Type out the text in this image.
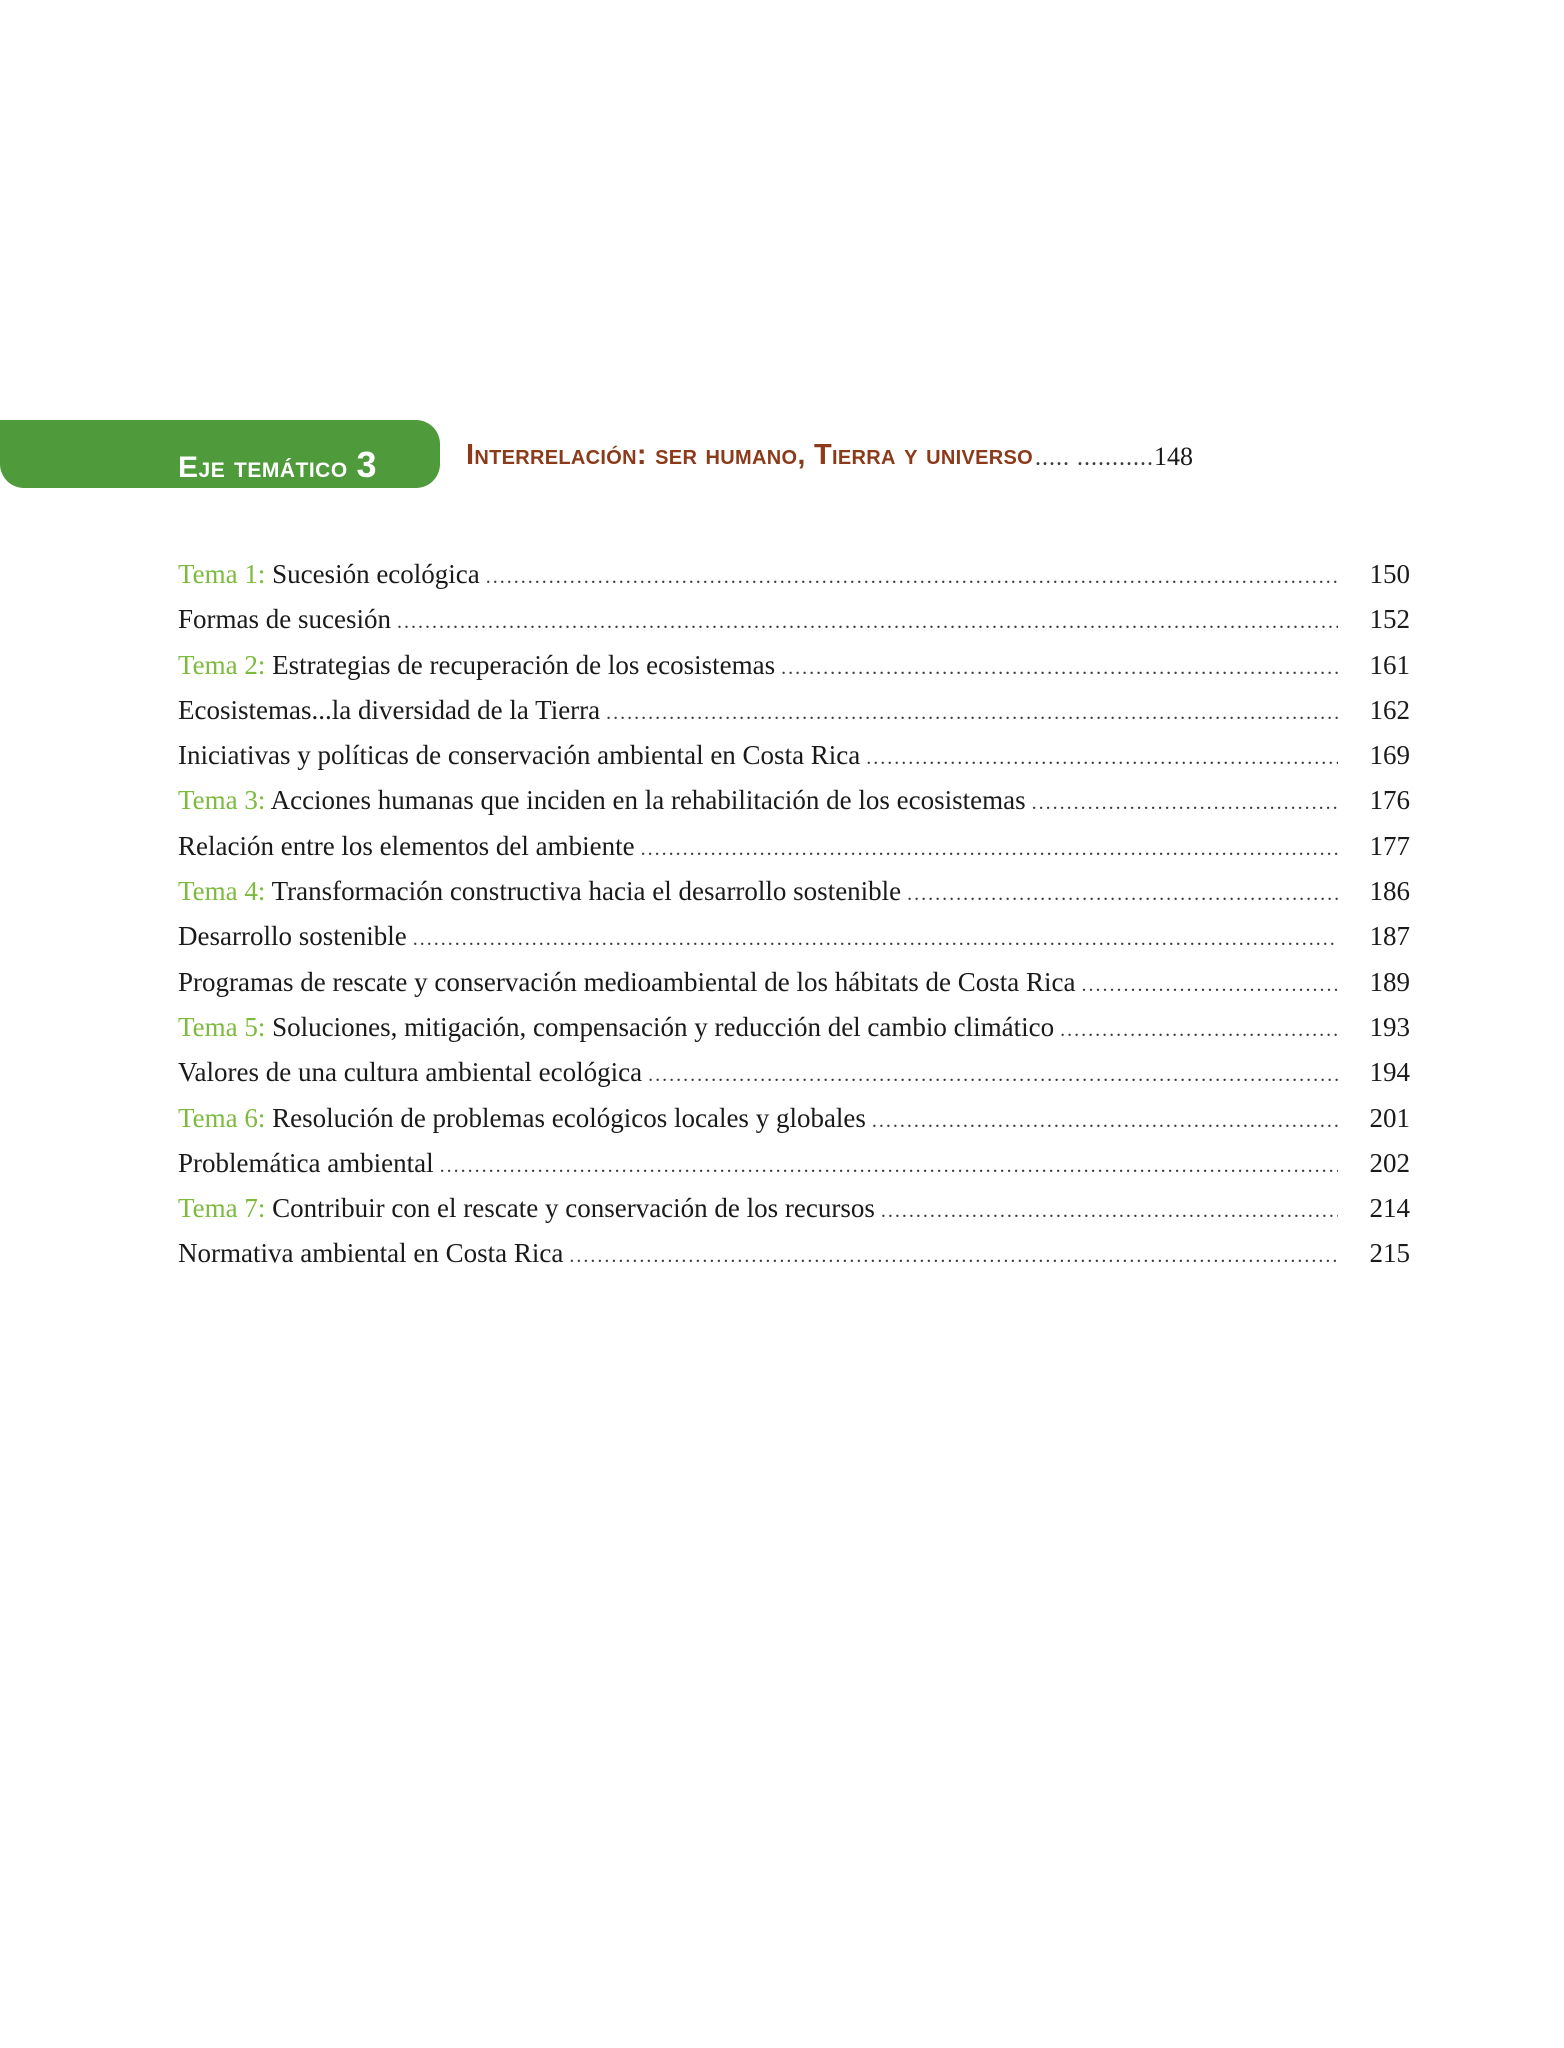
Eje temático 3	Interrelación: ser humano, Tierra y universo ..... ........... 148
Tema 1: Sucesión ecológica .....	150
Formas de sucesión .....	152
Tema 2: Estrategias de recuperación de los ecosistemas .....	161
Ecosistemas...la diversidad de la Tierra .....	162
Iniciativas y políticas de conservación ambiental en Costa Rica .....	169
Tema 3: Acciones humanas que inciden en la rehabilitación de los ecosistemas .....	176
Relación entre los elementos del ambiente .....	177
Tema 4: Transformación constructiva hacia el desarrollo sostenible .....	186
Desarrollo sostenible .....	187
Programas de rescate y conservación medioambiental de los hábitats de Costa Rica .....	189
Tema 5: Soluciones, mitigación, compensación y reducción del cambio climático .....	193
Valores de una cultura ambiental ecológica .....	194
Tema 6: Resolución de problemas ecológicos locales y globales .....	201
Problemática ambiental .....	202
Tema 7: Contribuir con el rescate y conservación de los recursos .....	214
Normativa ambiental en Costa Rica .....	215
